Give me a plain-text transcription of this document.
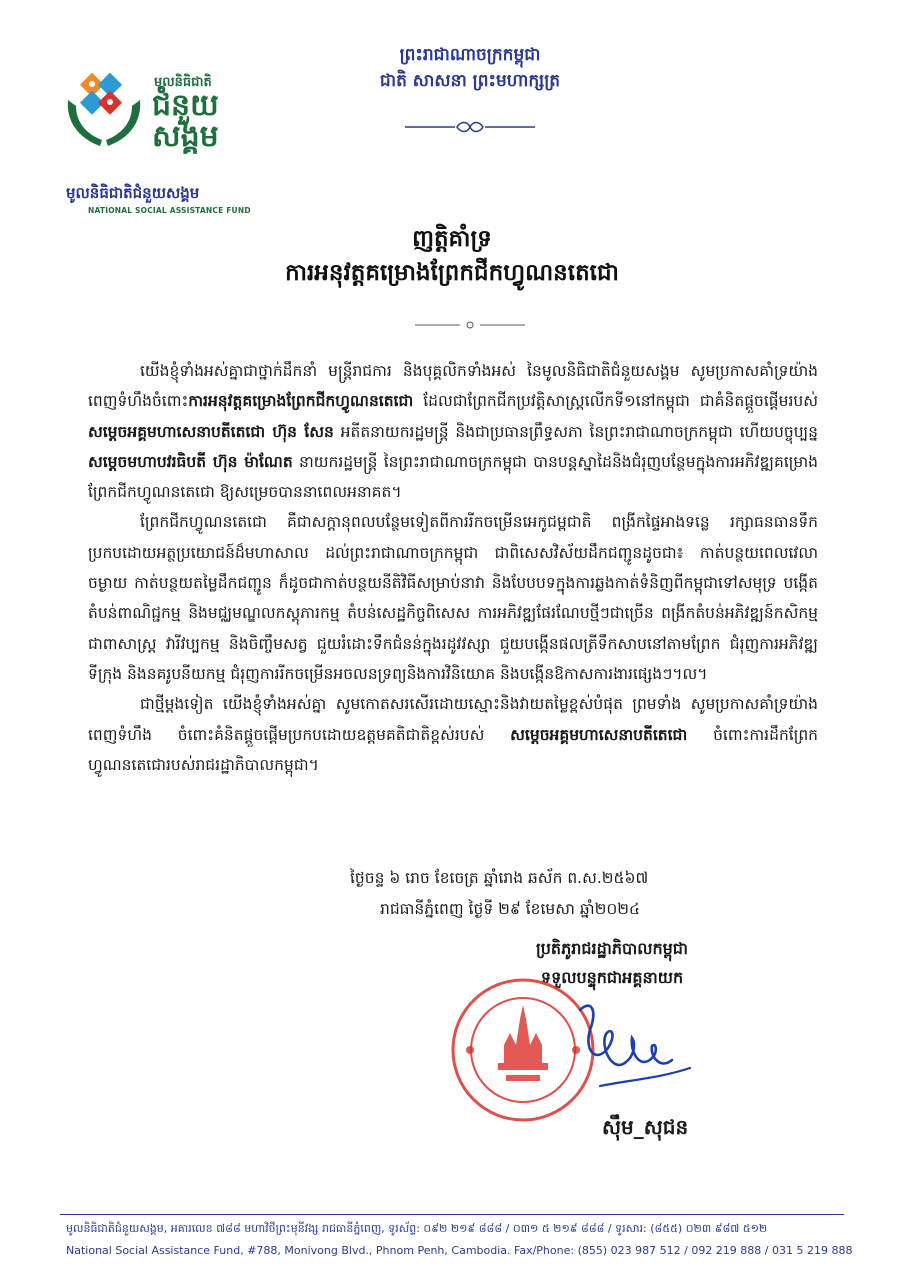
មូលនិធិជាតិ
ជំនួយ
សង្គម
NATIONAL SOCIAL ASSISTANCE FUND
មូលនិធិជាតិជំនួយសង្គម
ព្រះរាជាណាចក្រកម្ពុជា
ជាតិ សាសនា ព្រះមហាក្សត្រ
ញត្តិគាំទ្រ
ការអនុវត្តគម្រោងព្រែកជីកហ្វូណនតេជោ

យើងខ្ញុំទាំងអស់គ្នាជាថ្នាក់ដឹកនាំ មន្ត្រីរាជការ និងបុគ្គលិកទាំងអស់ នៃមូលនិធិជាតិជំនួយសង្គម សូមប្រកាសគាំទ្រយ៉ាងពេញទំហឹងចំពោះការអនុវត្តគម្រោងព្រែកជីកហ្វូណនតេជោ ដែលជាព្រែកជីកប្រវត្តិសាស្ត្រលើកទី១នៅកម្ពុជា ជាគំនិតផ្តួចផ្តើមរបស់ សម្តេចអគ្គមហាសេនាបតីតេជោ ហ៊ុន សែន អតីតនាយករដ្ឋមន្ត្រី និងជាប្រធានព្រឹទ្ធសភា នៃព្រះរាជាណាចក្រកម្ពុជា ហើយបច្ចុប្បន្ន សម្តេចមហាបវរធិបតី ហ៊ុន ម៉ាណែត នាយករដ្ឋមន្ត្រី នៃព្រះរាជាណាចក្រកម្ពុជា បានបន្តស្នាដៃនិងជំរុញបន្ថែមក្នុងការអភិវឌ្ឍគម្រោងព្រែកជីកហ្វូណនតេជោ ឱ្យសម្រេចបាននាពេលអនាគត។

ព្រែកជីកហ្វូណនតេជោ គឺជាសក្តានុពលបន្ថែមទៀតពីការរីកចម្រើនអេកូជម្ពជាតិ ពង្រីកផ្ទៃអាងទន្លេ រក្សាធនធានទឹកប្រកបដោយអត្ថប្រយោជន៍ដ៏មហាសាល ដល់ព្រះរាជាណាចក្រកម្ពុជា ជាពិសេសវិស័យដឹកជញ្ជូនដូចជា៖ កាត់បន្ថយពេលវេលា ចម្ងាយ កាត់បន្ថយតម្លៃដឹកជញ្ជូន ក៏ដូចជាកាត់បន្ថយនីតិវិធីសម្រាប់នាវា និងបែបបទក្នុងការឆ្លងកាត់ទំនិញពីកម្ពុជាទៅសមុទ្រ បង្កើតតំបន់ពាណិជ្ជកម្ម និងមជ្ឈមណ្ឌលកស្តុភារកម្ម តំបន់សេដ្ឋកិច្ចពិសេស ការអភិវឌ្ឍផែរណែបថ្មីៗជាច្រើន ពង្រីកតំបន់អភិវឌ្ឍន៍កសិកម្ម ជាពាសាស្ត្រ វារីវប្បកម្ម និងចិញ្ចឹមសត្វ ជួយរំដោះទឹកជំនន់ក្នុងរដូវវស្សា ជួយបង្កើនផលត្រីទឹកសាបនៅតាមព្រែក ជំរុញការអភិវឌ្ឍទីក្រុង និងនគរូបនីយកម្ម ជំរុញការរីកចម្រើនអចលនទ្រព្យនិងការវិនិយោគ និងបង្កើនឱកាសការងារផ្សេងៗ។ល។

ជាថ្មីម្តងទៀត យើងខ្ញុំទាំងអស់គ្នា សូមកោតសរសើរដោយស្មោះនិងវាយតម្លៃខ្ពស់បំផុត ព្រមទាំង សូមប្រកាសគាំទ្រយ៉ាងពេញទំហឹង ចំពោះគំនិតផ្តួចផ្តើមប្រកបដោយឧត្តមគតិជាតិខ្ពស់របស់ សម្តេចអគ្គមហាសេនាបតីតេជោ ចំពោះការដឹកព្រែកហ្វូណនតេជោរបស់រាជរដ្ឋាភិបាលកម្ពុជា។

ថ្ងៃចន្ទ ៦ រោច ខែចេត្រ ឆ្នាំរោង ឆស័ក ព.ស.២៥៦៧
រាជធានីភ្នំពេញ ថ្ងៃទី ២៩ ខែមេសា ឆ្នាំ២០២៤
ប្រតិភូរាជរដ្ឋាភិបាលកម្ពុជា
ទទួលបន្ទុកជាអគ្គនាយក
ស៊ឹម_សុជន
មូលនិធិជាតិជំនួយសង្គម, អគារលេខ ៧៨៨ មហាវិថីព្រះមុនីវង្ស រាជធានីភ្នំពេញ, ទូរស័ព្ទ: ០៩២ ២១៩ ៨៨៨ / ០៣១ ៥ ២១៩ ៨៨៨ / ទូរសារ: (៨៥៥) ០២៣ ៩៨៧ ៥១២
National Social Assistance Fund, #788, Monivong Blvd., Phnom Penh, Cambodia. Fax/Phone: (855) 023 987 512 / 092 219 888 / 031 5 219 888
